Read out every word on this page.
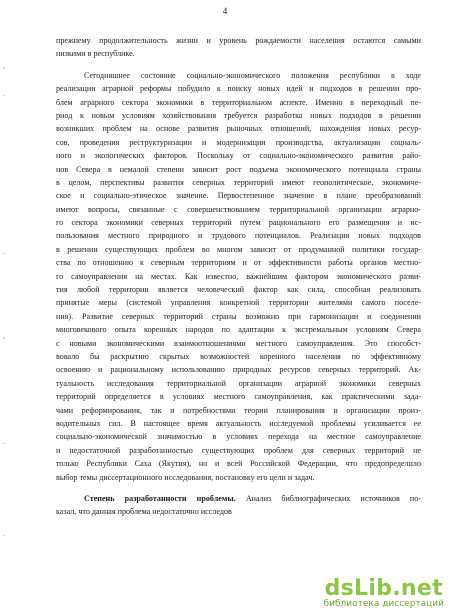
4
,
·
·
,
.
.
прежнему продолжительность жизни и уровень рождаемости населения остаются самыми
низкими в республике.
Сегодняшнее состояние социально-экономического положения республики в ходе
реализации аграрной реформы побудило к поиску новых идей и подходов в решении про-
блем аграрного сектора экономики в территориальном аспекте. Именно в переходный пе-
риод к новым условиям хозяйствования требуется разработка новых подходов в решении
возникших проблем на основе развития рыночных отношений, нахождения новых ресур-
сов, проведения реструктуризации и модернизации производства, актуализации социаль-
ного и экологических факторов. Поскольку от социально-экономического развития райо-
нов Севера в немалой степени зависит рост подъема экономического потенциала страны
в целом, перспективы развития северных территорий имеют геополитическое, экономиче-
ское и социально-этическое значение. Первостепенное значение в плане преобразований
имеют вопросы, связанные с совершенствованием территориальной организации аграрно-
го сектора экономики северных территорий путем рационального его размещения и ис-
пользования местного природного и трудового потенциалов. Реализация новых подходов
в решении существующих проблем во многом зависит от продуманной политики государ-
ства по отношению к северным территориям и от эффективности работы органов местно-
го самоуправления на местах. Как известно, важнейшим фактором экономического разви-
тия любой территории является человеческий фактор как сила, способная реализовать
принятые меры (системой управления конкретной территории жителями самого поселе-
ния). Развитие северных территорий страны возможно при гармонизации и соединении
многовекового опыта коренных народов по адаптации к экстремальным условиям Севера
с новыми экономическими взаимоотношениями местного самоуправления. Это способст-
вовало бы раскрытию скрытых возможностей коренного населения по эффективному
освоению и рациональному использованию природных ресурсов северных территорий. Ак-
туальность исследования территориальной организации аграрной экономики северных
территорий определяется в условиях местного самоуправления, как практическими зада-
чами реформирования, так и потребностями теории планирования и организации произ-
водительных сил. В настоящее время актуальность исследуемой проблемы усиливается ее
социально-экономической значимостью в условиях перехода на местное самоуправление
и недостаточной разработанностью существующих проблем для северных территорий не
только Республики Саха (Якутия), но и всей Российской Федерации, что предопределило
выбор темы диссертационного исследования, постановку его цели и задач.
Степень разработанности проблемы. Анализ библиографических источников по-
казал, что данная проблема недостаточно исследов
dsLib.net
библиотека диссертаций
